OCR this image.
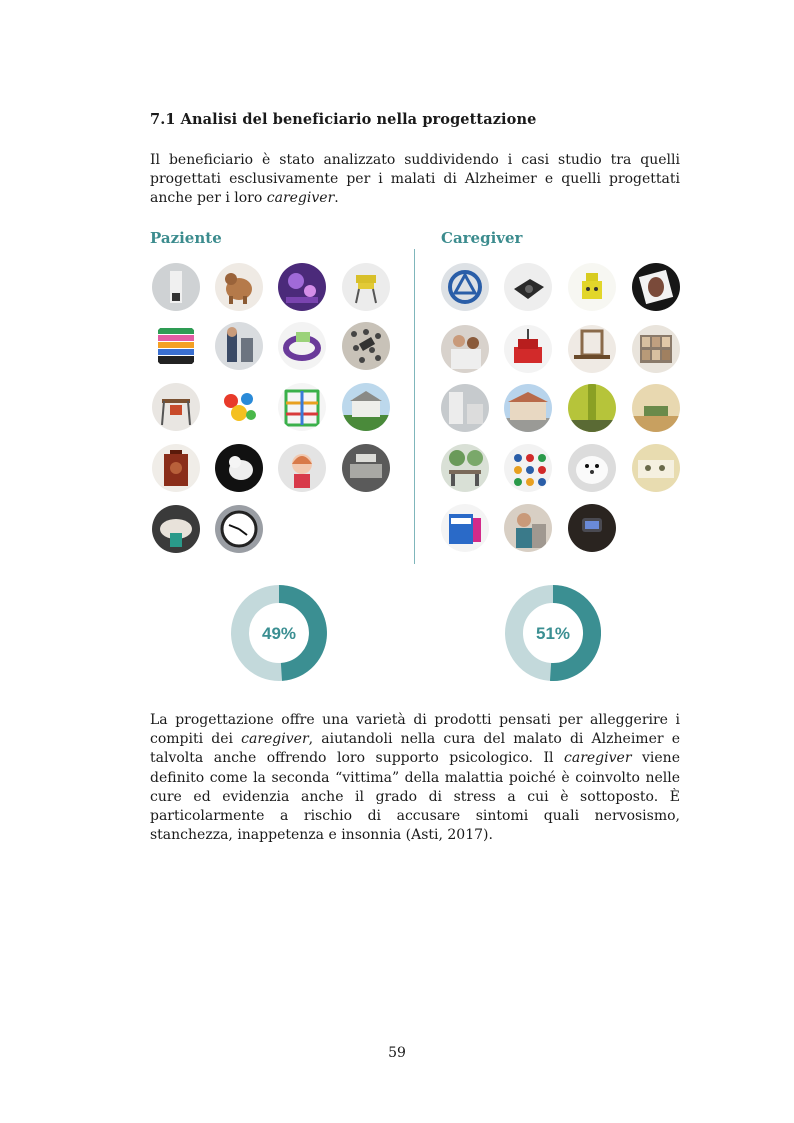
7.1 Analisi del beneficiario nella progettazione
Il beneficiario è stato analizzato suddividendo i casi studio tra quelli progettati esclusivamente per i malati di Alzheimer e quelli progettati anche per i loro caregiver.
Paziente	Caregiver
49%	51%
La progettazione offre una varietà di prodotti pensati per alleggerire i compiti dei caregiver, aiutandoli nella cura del malato di Alzheimer e talvolta anche offrendo loro supporto psicologico. Il caregiver viene definito come la seconda “vittima” della malattia poiché è coinvolto nelle cure ed evidenzia anche il grado di stress a cui è sottoposto. È particolarmente a rischio di accusare sintomi quali nervosismo, stanchezza, inappetenza e insonnia (Asti, 2017).
59
